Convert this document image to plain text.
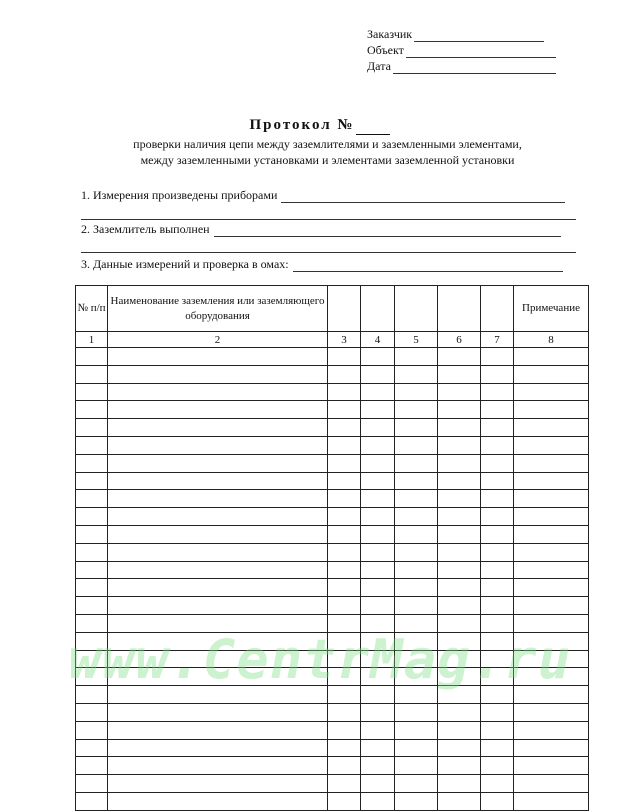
Заказчик
Объект
Дата
Протокол №
проверки наличия цепи между заземлителями и заземленными элементами,
между заземленными установками и элементами заземленной установки
1. Измерения произведены приборами
2. Заземлитель выполнен
3. Данные измерений и проверка в омах:
№ п/п	Наименование заземления или заземляющего оборудования						Примечание
1	2	3	4	5	6	7	8

www.CentrMag.ru
